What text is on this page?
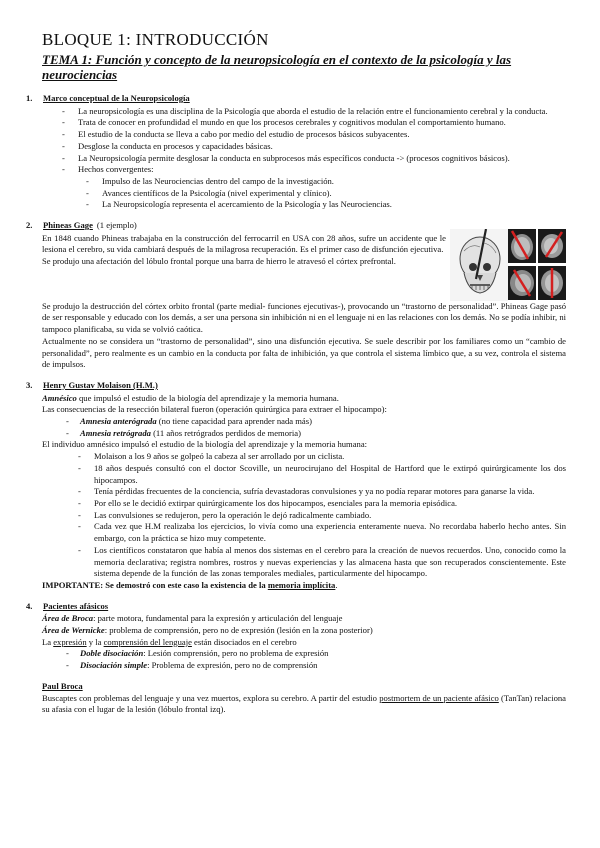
BLOQUE 1: INTRODUCCIÓN
TEMA 1: Función y concepto de la neuropsicología en el contexto de la psicología y las neurociencias
1.	Marco conceptual de la Neuropsicología
- La neuropsicología es una disciplina de la Psicología que aborda el estudio de la relación entre el funcionamiento cerebral y la conducta.
- Trata de conocer en profundidad el mundo en que los procesos cerebrales y cognitivos modulan el comportamiento humano.
- El estudio de la conducta se lleva a cabo por medio del estudio de procesos básicos subyacentes.
- Desglose la conducta en procesos y capacidades básicas.
- La Neuropsicología permite desglosar la conducta en subprocesos más específicos conducta -> (procesos cognitivos básicos).
- Hechos convergentes:
- Impulso de las Neurociencias dentro del campo de la investigación.
- Avances científicos de la Psicología (nivel experimental y clínico).
- La Neuropsicología representa el acercamiento de la Psicología y las Neurociencias.
2.	Phineas Gage (1 ejemplo)

En 1848 cuando Phineas trabajaba en la construcción del ferrocarril en USA con 28 años, sufre un accidente que le lesiona el cerebro, su vida cambiará después de la milagrosa recuperación. Es el primer caso de disfunción ejecutiva.

Se produjo una afectación del lóbulo frontal porque una barra de hierro le atravesó el córtex prefrontal.

Se produjo la destrucción del córtex orbito frontal (parte medial- funciones ejecutivas-), provocando un “trastorno de personalidad”. Phineas Gage pasó de ser responsable y educado con los demás, a ser una persona sin inhibición ni en el lenguaje ni en las relaciones con los demás. No se podía inhibir, ni tampoco planificaba, su vida se volvió caótica.

Actualmente no se considera un “trastorno de personalidad”, sino una disfunción ejecutiva. Se suele describir por los familiares como un “cambio de personalidad”, pero realmente es un cambio en la conducta por falta de inhibición, ya que controla el sistema límbico que, a su vez, controla el sistema de impulsos.

3.	Henry Gustav Molaison (H.M.)

Amnésico que impulsó el estudio de la biología del aprendizaje y la memoria humana.

Las consecuencias de la resección bilateral fueron (operación quirúrgica para extraer el hipocampo):

- Amnesia anterógrada (no tiene capacidad para aprender nada más)
- Amnesia retrógrada (11 años retrógrados perdidos de memoria)

El individuo amnésico impulsó el estudio de la biología del aprendizaje y la memoria humana:

- Molaison a los 9 años se golpeó la cabeza al ser arrollado por un ciclista.
- 18 años después consultó con el doctor Scoville, un neurocirujano del Hospital de Hartford que le extirpó quirúrgicamente los dos hipocampos.
- Tenía pérdidas frecuentes de la conciencia, sufría devastadoras convulsiones y ya no podía reparar motores para ganarse la vida.
- Por ello se le decidió extirpar quirúrgicamente los dos hipocampos, esenciales para la memoria episódica.
- Las convulsiones se redujeron, pero la operación le dejó radicalmente cambiado.
- Cada vez que H.M realizaba los ejercicios, lo vivía como una experiencia enteramente nueva. No recordaba haberlo hecho antes. Sin embargo, con la práctica se hizo muy competente.
- Los científicos constataron que había al menos dos sistemas en el cerebro para la creación de nuevos recuerdos. Uno, conocido como la memoria declarativa; registra nombres, rostros y nuevas experiencias y las almacena hasta que son recuperados conscientemente. Este sistema depende de la función de las zonas temporales mediales, particularmente del hipocampo.

IMPORTANTE: Se demostró con este caso la existencia de la memoria implícita.

4.	Pacientes afásicos

Área de Broca: parte motora, fundamental para la expresión y articulación del lenguaje

Área de Wernicke: problema de comprensión, pero no de expresión (lesión en la zona posterior)

La expresión y la comprensión del lenguaje están disociados en el cerebro

- Doble disociación: Lesión comprensión, pero no problema de expresión
- Disociación simple: Problema de expresión, pero no de comprensión
Paul Broca

Buscaptes con problemas del lenguaje y una vez muertos, explora su cerebro. A partir del estudio postmortem de un paciente afásico (TanTan) relaciona su afasia con el lugar de la lesión (lóbulo frontal izq).
